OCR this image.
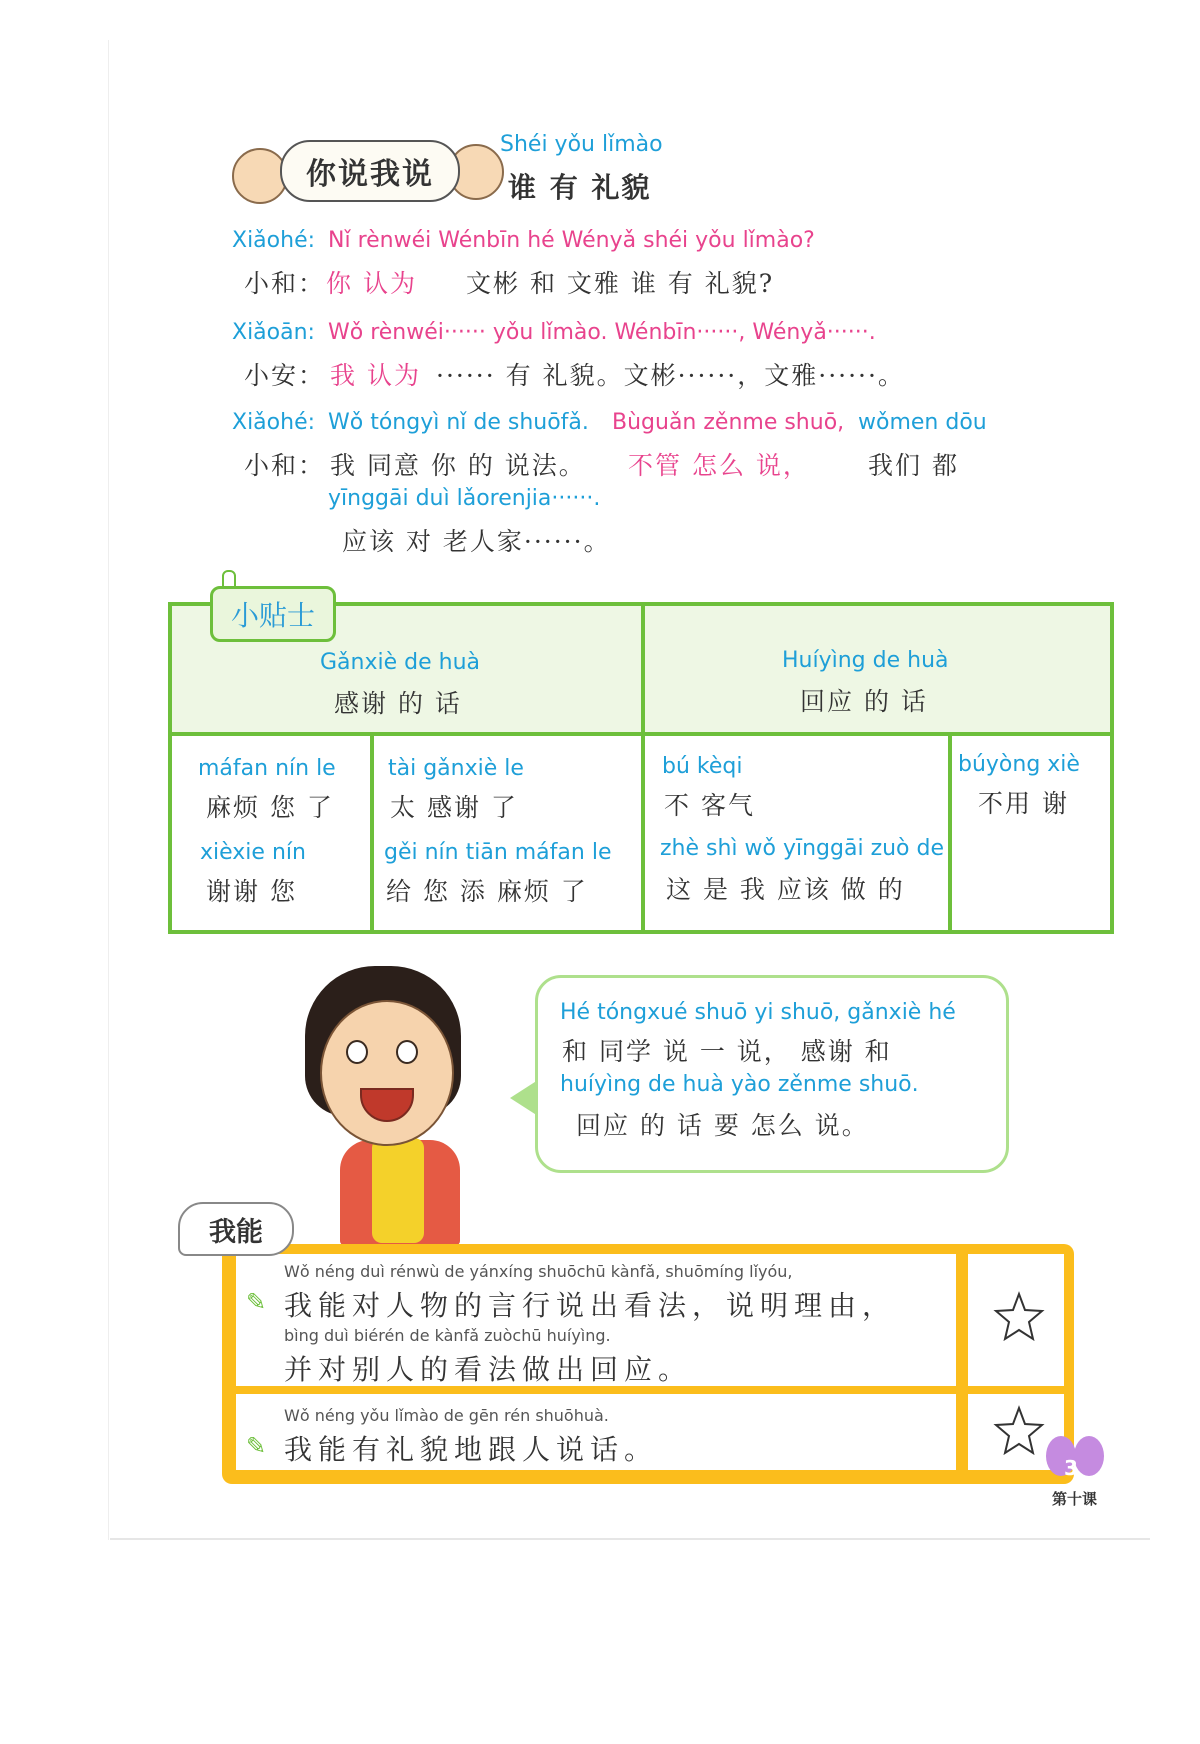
你说我说
Shéi yǒu lǐmào
谁 有 礼貌
Xiǎohé: Nǐ rènwéi Wénbīn hé Wényǎ shéi yǒu lǐmào?
小和： 你 认为 文彬 和 文雅 谁 有 礼貌?
Xiǎoān: Wǒ rènwéi······ yǒu lǐmào. Wénbīn······, Wényǎ······.
小安： 我 认为 ······ 有 礼貌。文彬······，文雅······。
Xiǎohé: Wǒ tóngyì nǐ de shuōfǎ. Bùguǎn zěnme shuō, wǒmen dōu
小和： 我 同意 你 的 说法。 不管 怎么 说， 我们 都
yīnggāi duì lǎorenjia······.
应该 对 老人家······。
小贴士
Gǎnxiè de huà
感谢 的 话
Huíyìng de huà
回应 的 话
máfan nín le
麻烦 您 了
xièxie nín
谢谢 您
tài gǎnxiè le
太 感谢 了
gěi nín tiān máfan le
给 您 添 麻烦 了
bú kèqi
不 客气
zhè shì wǒ yīnggāi zuò de
这 是 我 应该 做 的
búyòng xiè
不用 谢
Hé tóngxué shuō yi shuō, gǎnxiè hé
和 同学 说 一 说， 感谢 和
huíyìng de huà yào zěnme shuō.
回应 的 话 要 怎么 说。
我能
✎
Wǒ néng duì rénwù de yánxíng shuōchū kànfǎ, shuōmíng lǐyóu,
我能对人物的言行说出看法，说明理由，
bìng duì biérén de kànfǎ zuòchū huíyìng.
并对别人的看法做出回应。
✎
Wǒ néng yǒu lǐmào de gēn rén shuōhuà.
我能有礼貌地跟人说话。
3
第十课
